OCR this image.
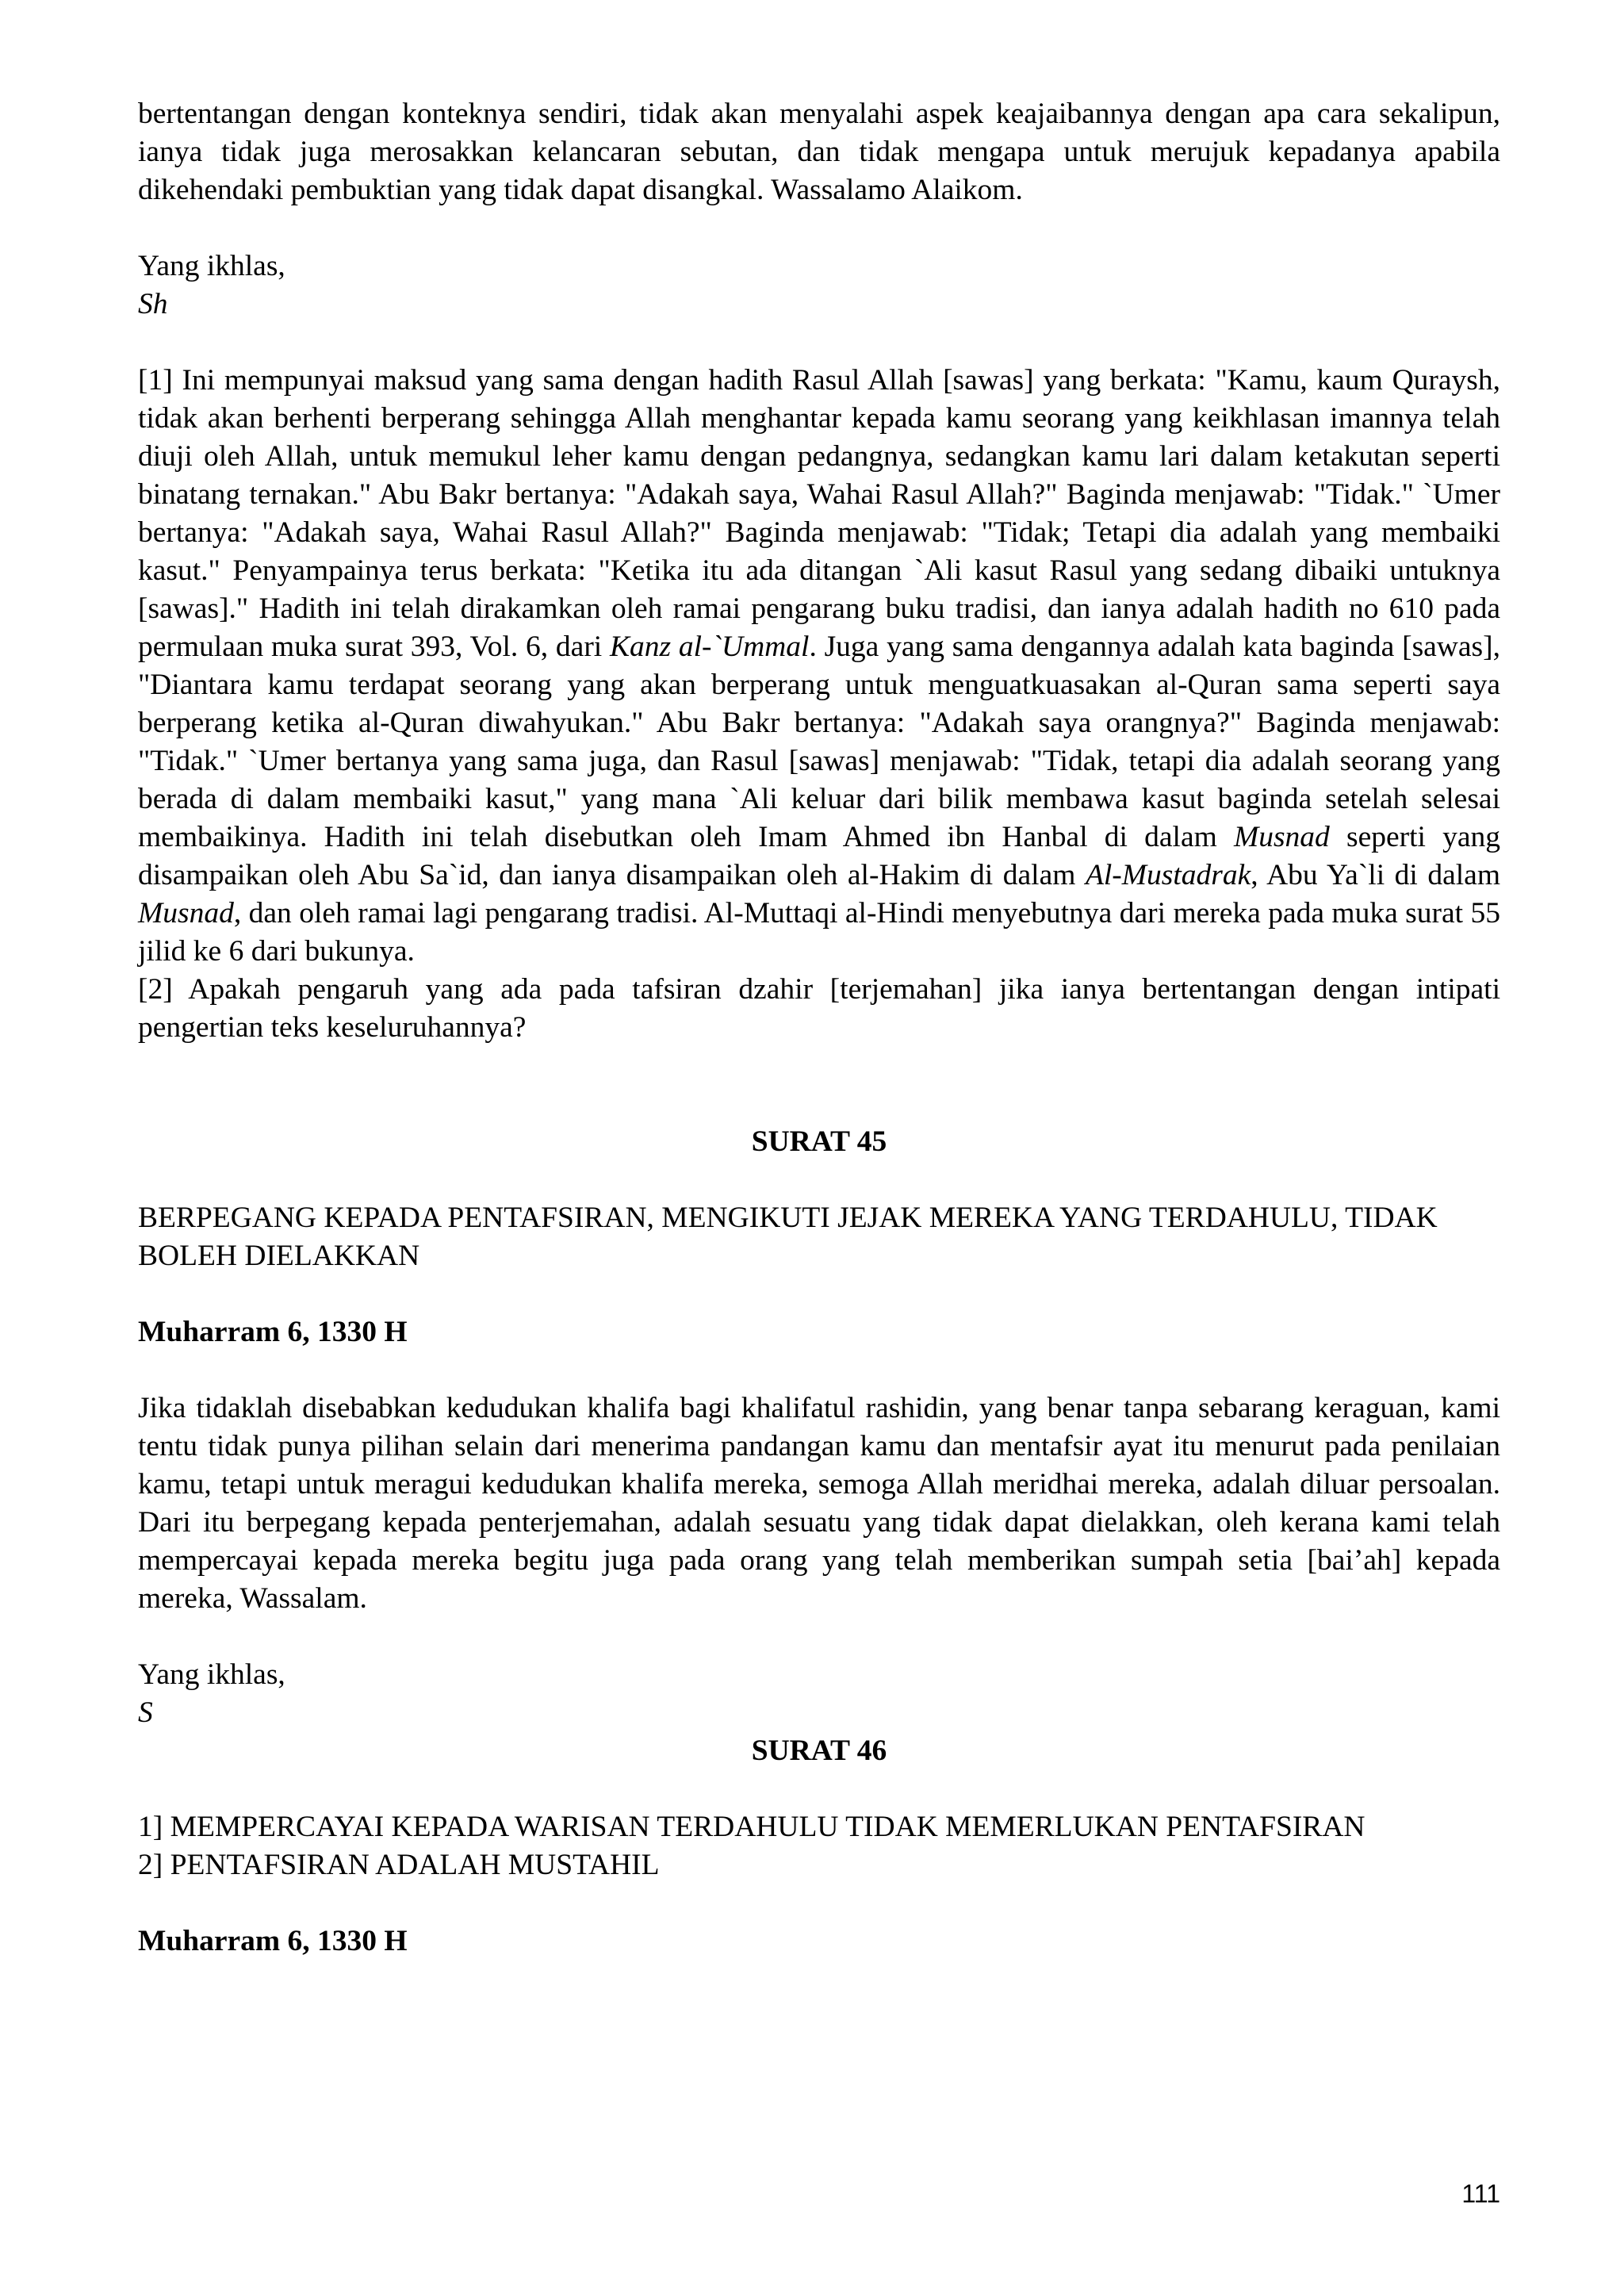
bertentangan dengan konteknya sendiri, tidak akan menyalahi aspek keajaibannya dengan apa cara sekalipun, ianya tidak juga merosakkan kelancaran sebutan, dan tidak mengapa untuk merujuk kepadanya apabila dikehendaki pembuktian yang tidak dapat disangkal. Wassalamo Alaikom.

Yang ikhlas,

Sh

[1] Ini mempunyai maksud yang sama dengan hadith Rasul Allah [sawas] yang berkata: "Kamu, kaum Quraysh, tidak akan berhenti berperang sehingga Allah menghantar kepada kamu seorang yang keikhlasan imannya telah diuji oleh Allah, untuk memukul leher kamu dengan pedangnya, sedangkan kamu lari dalam ketakutan seperti binatang ternakan." Abu Bakr bertanya: "Adakah saya, Wahai Rasul Allah?" Baginda menjawab: "Tidak." `Umer bertanya: "Adakah saya, Wahai Rasul Allah?" Baginda menjawab: "Tidak; Tetapi dia adalah yang membaiki kasut." Penyampainya terus berkata: "Ketika itu ada ditangan `Ali kasut Rasul yang sedang dibaiki untuknya [sawas]." Hadith ini telah dirakamkan oleh ramai pengarang buku tradisi, dan ianya adalah hadith no 610 pada permulaan muka surat 393, Vol. 6, dari Kanz al-`Ummal. Juga yang sama dengannya adalah kata baginda [sawas], "Diantara kamu terdapat seorang yang akan berperang untuk menguatkuasakan al-Quran sama seperti saya berperang ketika al-Quran diwahyukan." Abu Bakr bertanya: "Adakah saya orangnya?" Baginda menjawab: "Tidak." `Umer bertanya yang sama juga, dan Rasul [sawas] menjawab: "Tidak, tetapi dia adalah seorang yang berada di dalam membaiki kasut," yang mana `Ali keluar dari bilik membawa kasut baginda setelah selesai membaikinya. Hadith ini telah disebutkan oleh Imam Ahmed ibn Hanbal di dalam Musnad seperti yang disampaikan oleh Abu Sa`id, dan ianya disampaikan oleh al-Hakim di dalam Al-Mustadrak, Abu Ya`li di dalam Musnad, dan oleh ramai lagi pengarang tradisi. Al-Muttaqi al-Hindi menyebutnya dari mereka pada muka surat 55 jilid ke 6 dari bukunya.

[2] Apakah pengaruh yang ada pada tafsiran dzahir [terjemahan] jika ianya bertentangan dengan intipati pengertian teks keseluruhannya?

SURAT 45

BERPEGANG KEPADA PENTAFSIRAN, MENGIKUTI JEJAK MEREKA YANG TERDAHULU, TIDAK BOLEH DIELAKKAN

Muharram 6, 1330 H

Jika tidaklah disebabkan kedudukan khalifa bagi khalifatul rashidin, yang benar tanpa sebarang keraguan, kami tentu tidak punya pilihan selain dari menerima pandangan kamu dan mentafsir ayat itu menurut pada penilaian kamu, tetapi untuk meragui kedudukan khalifa mereka, semoga Allah meridhai mereka, adalah diluar persoalan. Dari itu berpegang kepada penterjemahan, adalah sesuatu yang tidak dapat dielakkan, oleh kerana kami telah mempercayai kepada mereka begitu juga pada orang yang telah memberikan sumpah setia [bai’ah] kepada mereka, Wassalam.

Yang ikhlas,

S

SURAT 46

1] MEMPERCAYAI KEPADA WARISAN TERDAHULU TIDAK MEMERLUKAN PENTAFSIRAN

2] PENTAFSIRAN ADALAH MUSTAHIL

Muharram 6, 1330 H

111
